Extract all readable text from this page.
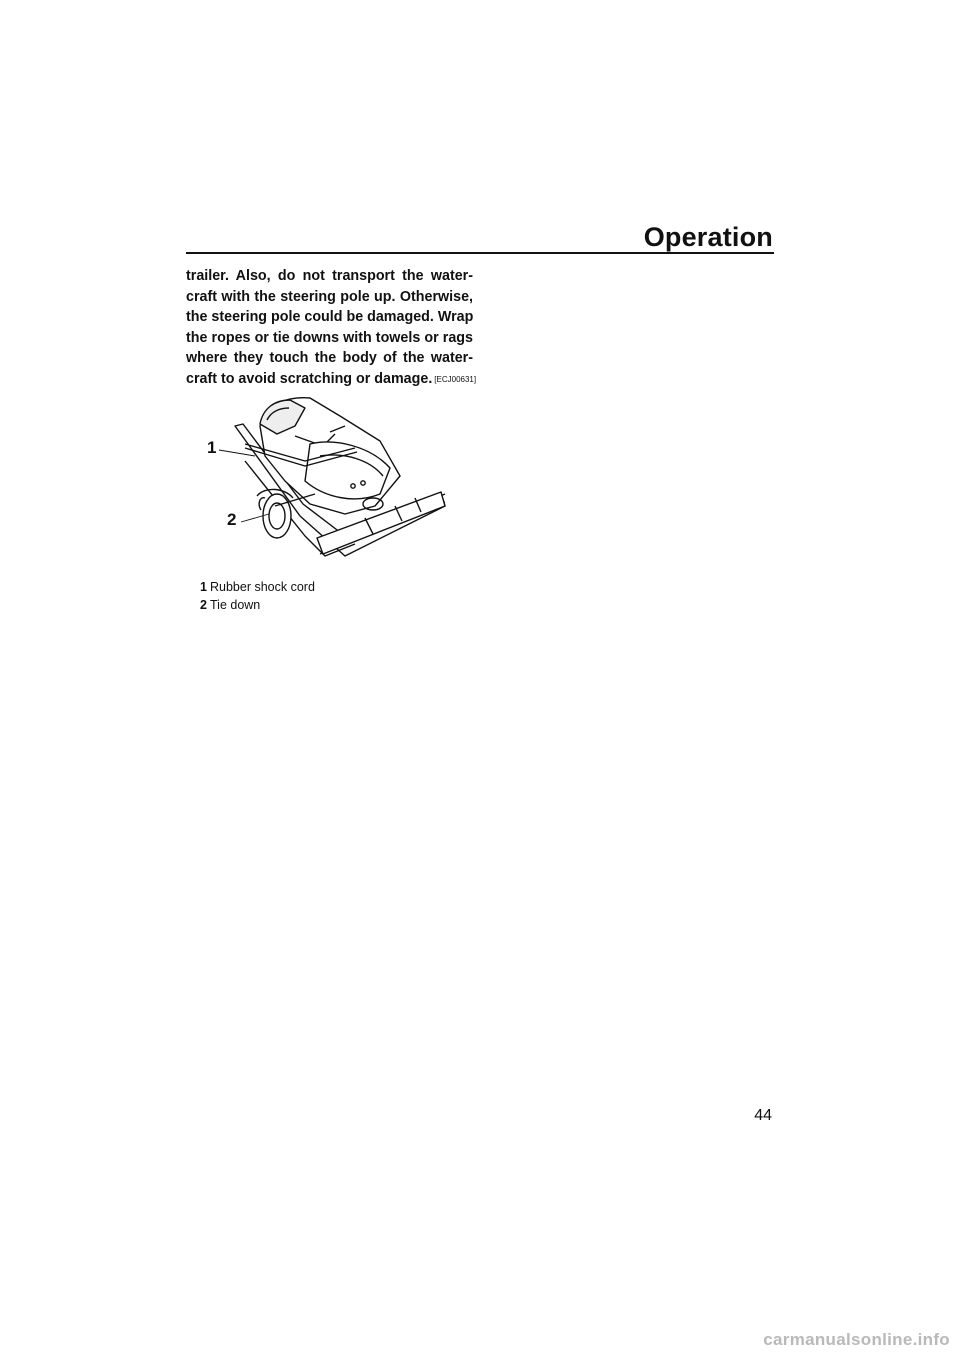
Operation
trailer. Also, do not transport the water-
craft with the steering pole up. Otherwise,
the steering pole could be damaged. Wrap
the ropes or tie downs with towels or rags
where they touch the body of the water-
craft to avoid scratching or damage. [ECJ00631]
1
2
1 Rubber shock cord
2 Tie down
44
carmanualsonline.info
